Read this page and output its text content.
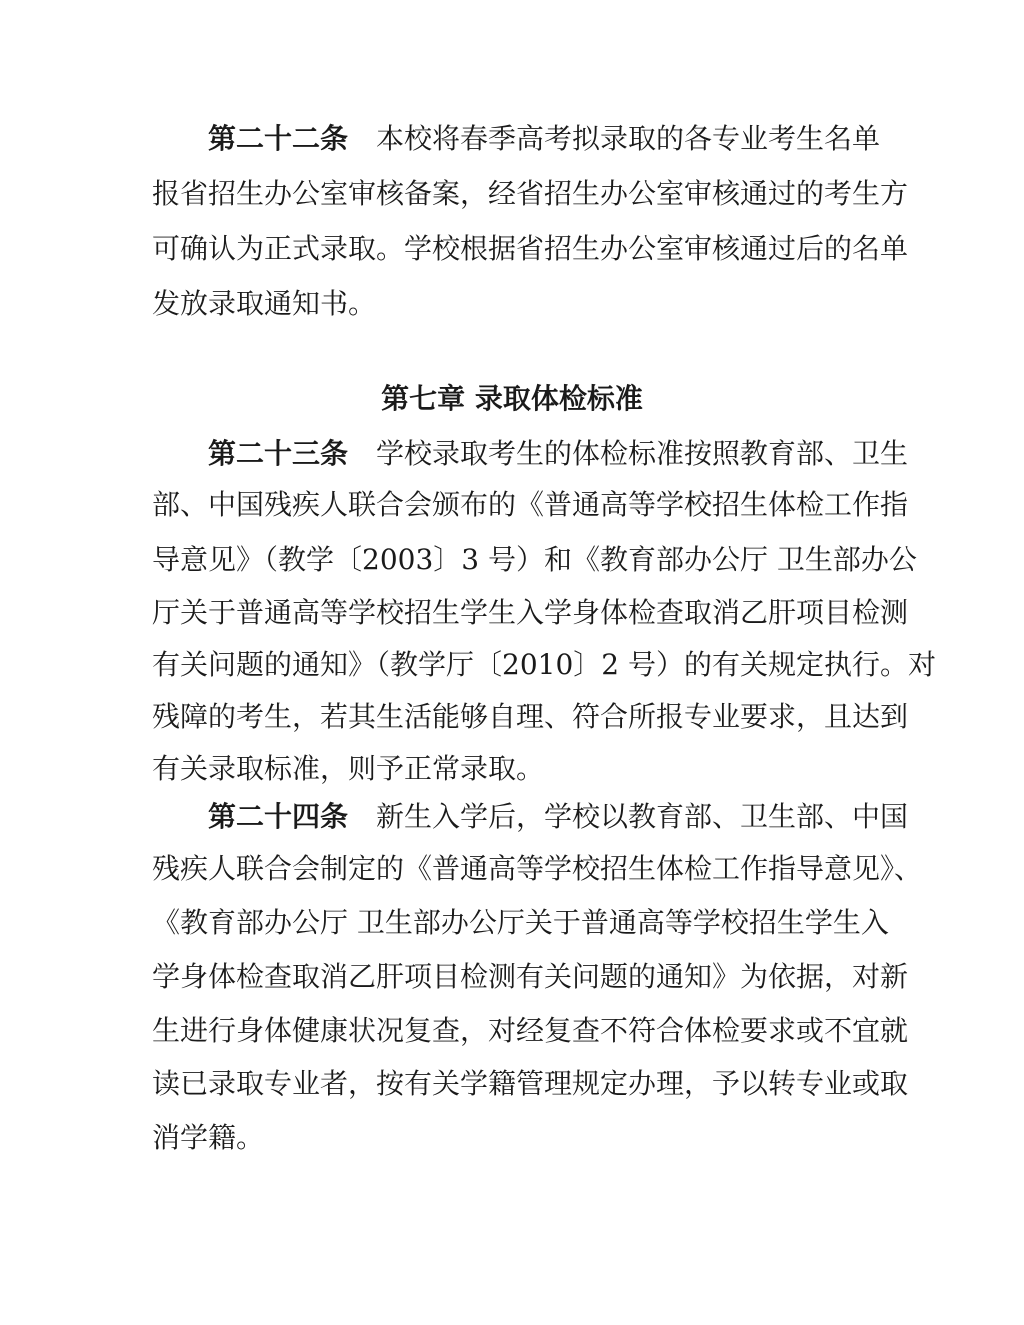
第二十二条 本校将春季高考拟录取的各专业考生名单
报省招生办公室审核备案，经省招生办公室审核通过的考生方
可确认为正式录取。学校根据省招生办公室审核通过后的名单
发放录取通知书。
第七章 录取体检标准
第二十三条 学校录取考生的体检标准按照教育部、卫生
部、中国残疾人联合会颁布的《普通高等学校招生体检工作指
导意见》（教学〔2003〕3 号）和《教育部办公厅 卫生部办公
厅关于普通高等学校招生学生入学身体检查取消乙肝项目检测
有关问题的通知》（教学厅〔2010〕2 号）的有关规定执行。对
残障的考生，若其生活能够自理、符合所报专业要求，且达到
有关录取标准，则予正常录取。
第二十四条 新生入学后，学校以教育部、卫生部、中国
残疾人联合会制定的《普通高等学校招生体检工作指导意见》、
《教育部办公厅 卫生部办公厅关于普通高等学校招生学生入
学身体检查取消乙肝项目检测有关问题的通知》为依据，对新
生进行身体健康状况复查，对经复查不符合体检要求或不宜就
读已录取专业者，按有关学籍管理规定办理，予以转专业或取
消学籍。
